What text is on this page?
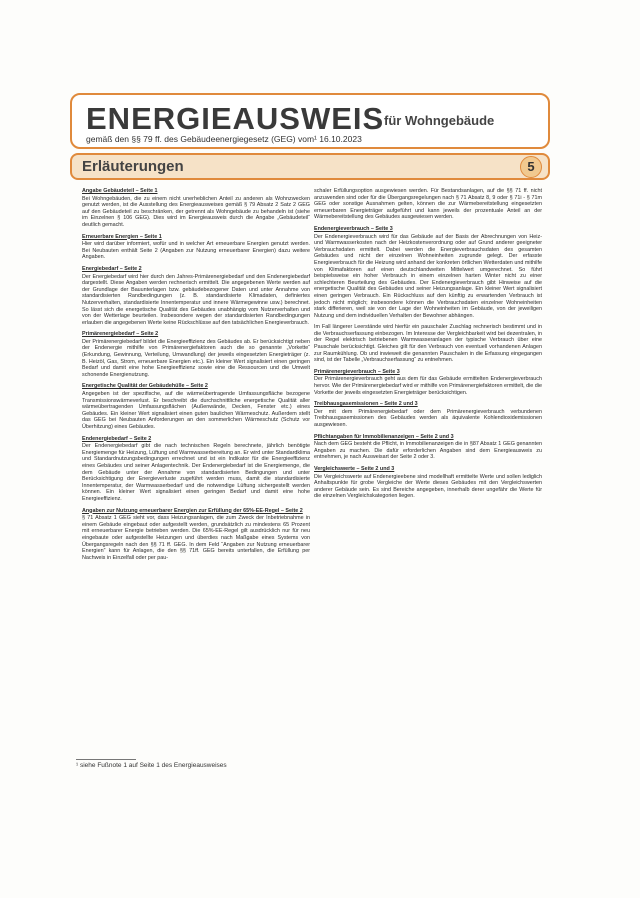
ENERGIEAUSWEIS für Wohngebäude
gemäß den §§ 79 ff. des Gebäudeenergiegesetz (GEG) vom¹ 16.10.2023
Erläuterungen	5
Angabe Gebäudeteil – Seite 1
Bei Wohngebäuden, die zu einem nicht unerheblichen Anteil zu anderen als Wohnzwecken genutzt werden, ist die Ausstellung des Energieausweises gemäß § 79 Absatz 2 Satz 2 GEG auf den Gebäudeteil zu beschränken, der getrennt als Wohngebäude zu behandeln ist (siehe im Einzelnen § 106 GEG). Dies wird im Energieausweis durch die Angabe „Gebäudeteil“ deutlich gemacht.
Erneuerbare Energien – Seite 1
Hier wird darüber informiert, wofür und in welcher Art erneuerbare Energien genutzt werden. Bei Neubauten enthält Seite 2 (Angaben zur Nutzung erneuerbarer Energien) dazu weitere Angaben.
Energiebedarf – Seite 2
Der Energiebedarf wird hier durch den Jahres-Primärenergiebedarf und den Endenergiebedarf dargestellt. Diese Angaben werden rechnerisch ermittelt. Die angegebenen Werte werden auf der Grundlage der Bauunterlagen bzw. gebäudebezogener Daten und unter Annahme von standardisierten Randbedingungen (z. B. standardisierte Klimadaten, definiertes Nutzerverhalten, standardisierte Innentemperatur und innere Wärmegewinne usw.) berechnet. So lässt sich die energetische Qualität des Gebäudes unabhängig vom Nutzerverhalten und von der Wetterlage beurteilen. Insbesondere wegen der standardisierten Randbedingungen erlauben die angegebenen Werte keine Rückschlüsse auf den tatsächlichen Energieverbrauch.
Primärenergiebedarf – Seite 2
Der Primärenergiebedarf bildet die Energieeffizienz des Gebäudes ab. Er berücksichtigt neben der Endenergie mithilfe von Primärenergiefaktoren auch die so genannte „Vorkette“ (Erkundung, Gewinnung, Verteilung, Umwandlung) der jeweils eingesetzten Energieträger (z. B. Heizöl, Gas, Strom, erneuerbare Energien etc.). Ein kleiner Wert signalisiert einen geringen Bedarf und damit eine hohe Energieeffizienz sowie eine die Ressourcen und die Umwelt schonende Energienutzung.
Energetische Qualität der Gebäudehülle – Seite 2
Angegeben ist der spezifische, auf die wärmeübertragende Umfassungsfläche bezogene Transmissionswärmeverlust. Er beschreibt die durchschnittliche energetische Qualität aller wärmeübertragenden Umfassungsflächen (Außenwände, Decken, Fenster etc.) eines Gebäudes. Ein kleiner Wert signalisiert einen guten baulichen Wärmeschutz. Außerdem stellt das GEG bei Neubauten Anforderungen an den sommerlichen Wärmeschutz (Schutz vor Überhitzung) eines Gebäudes.
Endenergiebedarf – Seite 2
Der Endenergiebedarf gibt die nach technischen Regeln berechnete, jährlich benötigte Energiemenge für Heizung, Lüftung und Warmwasserbereitung an. Er wird unter Standardklima und Standardnutzungsbedingungen errechnet und ist ein Indikator für die Energieeffizienz eines Gebäudes und seiner Anlagentechnik. Der Endenergiebedarf ist die Energiemenge, die dem Gebäude unter der Annahme von standardisierten Bedingungen und unter Berücksichtigung der Energieverluste zugeführt werden muss, damit die standardisierte Innentemperatur, der Warmwasserbedarf und die notwendige Lüftung sichergestellt werden können. Ein kleiner Wert signalisiert einen geringen Bedarf und damit eine hohe Energieeffizienz.
Angaben zur Nutzung erneuerbarer Energien zur Erfüllung der 65%-EE-Regel – Seite 2
§ 71 Absatz 1 GEG sieht vor, dass Heizungsanlagen, die zum Zweck der Inbetriebnahme in einem Gebäude eingebaut oder aufgestellt werden, grundsätzlich zu mindestens 65 Prozent mit erneuerbarer Energie betrieben werden. Die 65%-EE-Regel gilt ausdrücklich nur für neu eingebaute oder aufgestellte Heizungen und überdies nach Maßgabe eines Systems von Übergangsregeln nach den §§ 71 ff. GEG. In dem Feld “Angaben zur Nutzung erneuerbarer Energien” kann für Anlagen, die den §§ 71ff. GEG bereits unterfallen, die Erfüllung per Nachweis in Einzelfall oder per pau-
schaler Erfüllungsoption ausgewiesen werden. Für Bestandsanlagen, auf die §§ 71 ff. nicht anzuwenden sind oder für die Übergangsregelungen nach § 71 Absatz 8, 9 oder § 71i - § 71m GEG oder sonstige Ausnahmen gelten, können die zur Wärmebereitstellung eingesetzten erneuerbaren Energieträger aufgeführt und kann jeweils der prozentuale Anteil an der Wärmebereitstellung des Gebäudes ausgewiesen werden.
Endenergieverbrauch – Seite 3
Der Endenergieverbrauch wird für das Gebäude auf der Basis der Abrechnungen von Heiz- und Warmwasserkosten nach der Heizkostenverordnung oder auf Grund anderer geeigneter Verbrauchsdaten ermittelt. Dabei werden die Energieverbrauchsdaten des gesamten Gebäudes und nicht der einzelnen Wohneinheiten zugrunde gelegt. Der erfasste Energieverbrauch für die Heizung wird anhand der konkreten örtlichen Wetterdaten und mithilfe von Klimafaktoren auf einen deutschlandweiten Mittelwert umgerechnet. So führt beispielsweise ein hoher Verbrauch in einem einzelnen harten Winter nicht zu einer schlechteren Beurteilung des Gebäudes. Der Endenergieverbrauch gibt Hinweise auf die energetische Qualität des Gebäudes und seiner Heizungsanlage. Ein kleiner Wert signalisiert einen geringen Verbrauch. Ein Rückschluss auf den künftig zu erwartenden Verbrauch ist jedoch nicht möglich; insbesondere können die Verbrauchsdaten einzelner Wohneinheiten stark differieren, weil sie von der Lage der Wohneinheiten im Gebäude, von der jeweiligen Nutzung und dem individuellen Verhalten der Bewohner abhängen.
Im Fall längerer Leerstände wird hierfür ein pauschaler Zuschlag rechnerisch bestimmt und in die Verbrauchserfassung einbezogen. Im Interesse der Vergleichbarkeit wird bei dezentralen, in der Regel elektrisch betriebenen Warmwasseranlagen der typische Verbrauch über eine Pauschale berücksichtigt. Gleiches gilt für den Verbrauch von eventuell vorhandenen Anlagen zur Raumkühlung. Ob und inwieweit die genannten Pauschalen in die Erfassung eingegangen sind, ist der Tabelle „Verbrauchserfassung“ zu entnehmen.
Primärenergieverbrauch – Seite 3
Der Primärenergieverbrauch geht aus dem für das Gebäude ermittelten Endenergieverbrauch hervor. Wie der Primärenergiebedarf wird er mithilfe von Primärenergiefaktoren ermittelt, die die Vorkette der jeweils eingesetzten Energieträger berücksichtigen.
Treibhausgasemissionen – Seite 2 und 3
Der mit dem Primärenergiebedarf oder dem Primärenergieverbrauch verbundenen Treibhausgasemissionen des Gebäudes werden als äquivalente Kohlendioxidemissionen ausgewiesen.
Pflichtangaben für Immobilienanzeigen – Seite 2 und 3
Nach dem GEG besteht die Pflicht, in Immobilienanzeigen die in §87 Absatz 1 GEG genannten Angaben zu machen. Die dafür erforderlichen Angaben sind dem Energieausweis zu entnehmen, je nach Ausweisart der Seite 2 oder 3.
Vergleichswerte – Seite 2 und 3
Die Vergleichswerte auf Endenergieebene sind modellhaft ermittelte Werte und sollen lediglich Anhaltspunkte für grobe Vergleiche der Werte dieses Gebäudes mit den Vergleichswerten anderer Gebäude sein. Es sind Bereiche angegeben, innerhalb derer ungefähr die Werte für die einzelnen Vergleichskategorien liegen.
¹ siehe Fußnote 1 auf Seite 1 des Energieausweises
